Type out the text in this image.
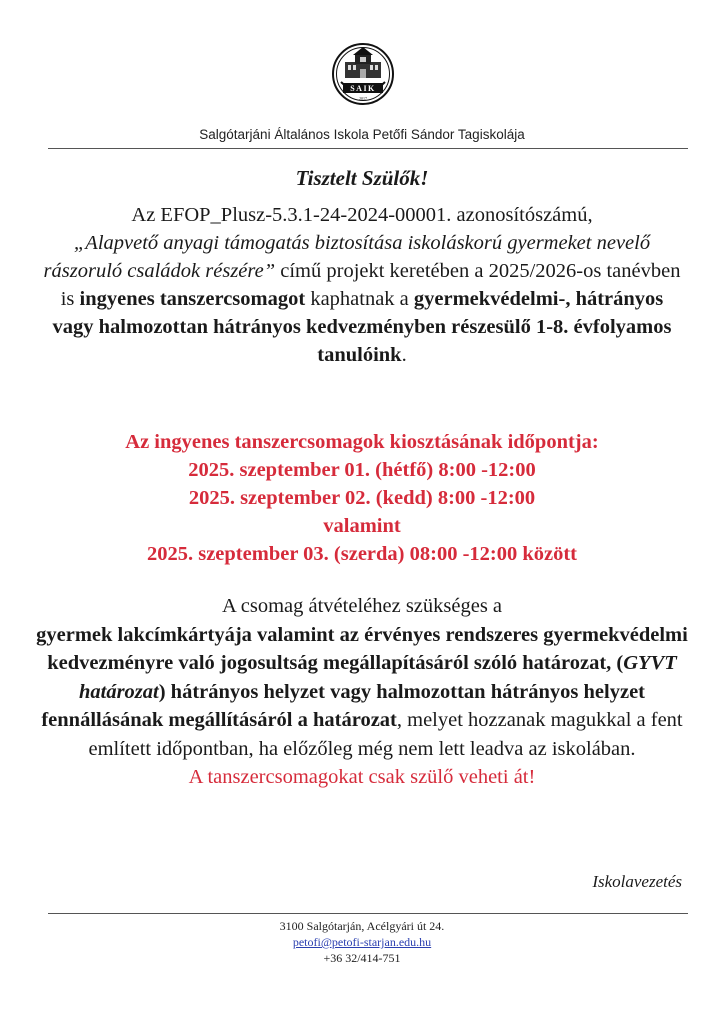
SAIK
2017
Salgótarjáni Általános Iskola Petőfi Sándor Tagiskolája
Tisztelt Szülők!
Az EFOP_Plusz-5.3.1-24-2024-00001. azonosítószámú,
„Alapvető anyagi támogatás biztosítása iskoláskorú gyermeket nevelő rászoruló családok részére” című projekt keretében a 2025/2026-os tanévben is ingyenes tanszercsomagot kaphatnak a gyermekvédelmi-, hátrányos vagy halmozottan hátrányos kedvezményben részesülő 1-8. évfolyamos tanulóink.
Az ingyenes tanszercsomagok kiosztásának időpontja:
2025. szeptember 01. (hétfő) 8:00 -12:00
2025. szeptember 02. (kedd) 8:00 -12:00
valamint
2025. szeptember 03. (szerda) 08:00 -12:00 között
A csomag átvételéhez szükséges a
gyermek lakcímkártyája valamint az érvényes rendszeres gyermekvédelmi kedvezményre való jogosultság megállapításáról szóló határozat, (GYVT határozat) hátrányos helyzet vagy halmozottan hátrányos helyzet fennállásának megállításáról a határozat, melyet hozzanak magukkal a fent említett időpontban, ha előzőleg még nem lett leadva az iskolában.
A tanszercsomagokat csak szülő veheti át!
Iskolavezetés
3100 Salgótarján, Acélgyári út 24.
petofi@petofi-starjan.edu.hu
+36 32/414-751
